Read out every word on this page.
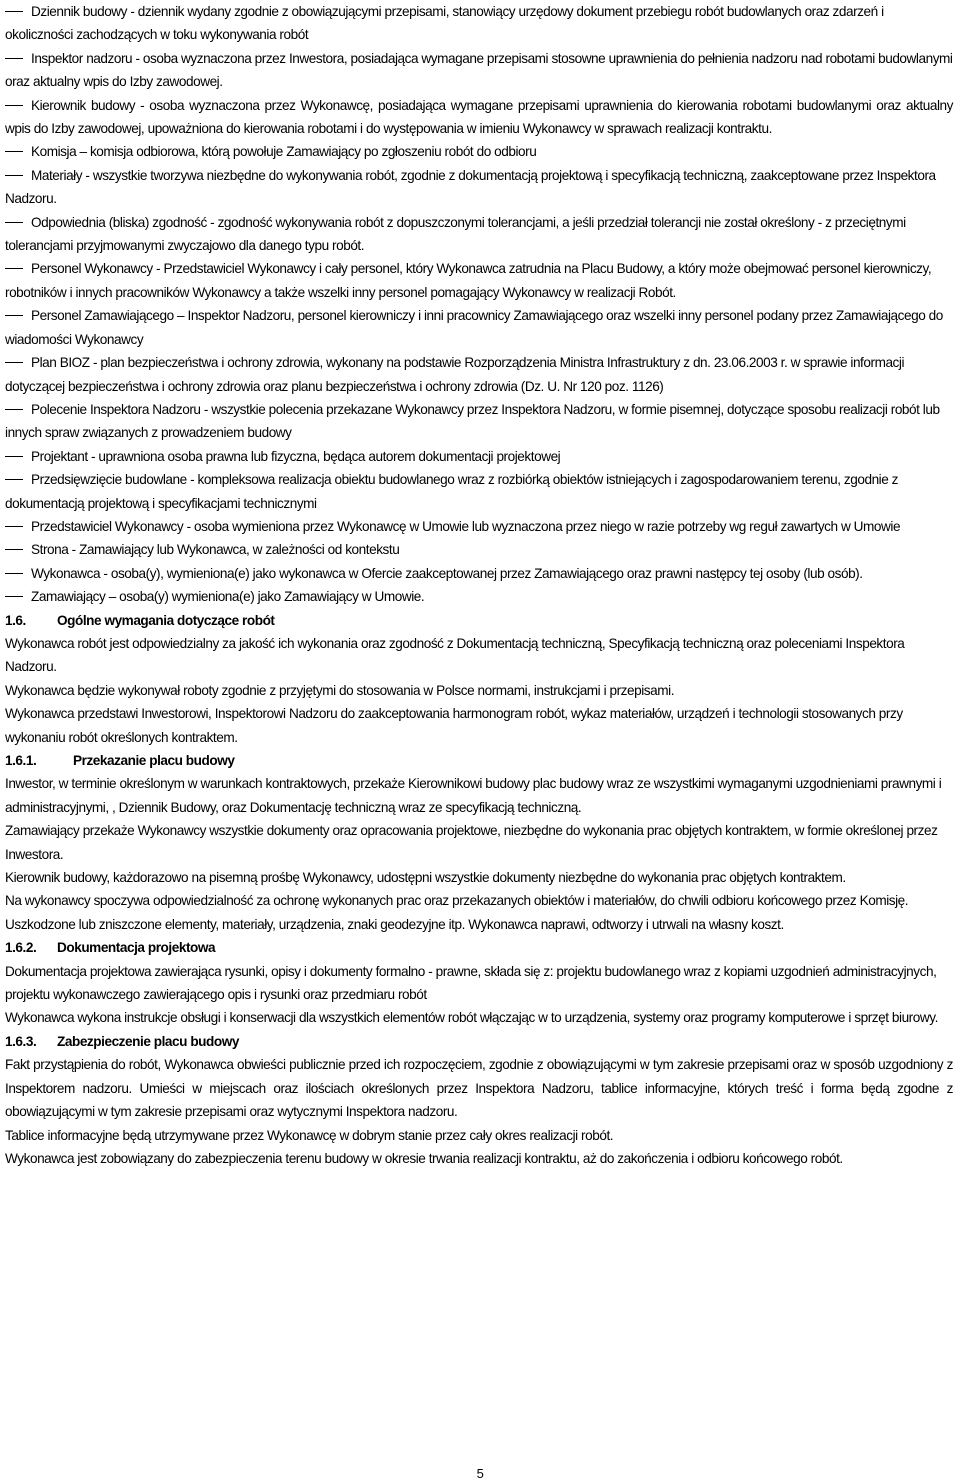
Dziennik budowy - dziennik wydany zgodnie z obowiązującymi przepisami, stanowiący urzędowy dokument przebiegu robót budowlanych oraz zdarzeń i okoliczności zachodzących w toku wykonywania robót

Inspektor nadzoru - osoba wyznaczona przez Inwestora, posiadająca wymagane przepisami stosowne uprawnienia do pełnienia nadzoru nad robotami budowlanymi oraz aktualny wpis do Izby zawodowej.

Kierownik budowy - osoba wyznaczona przez Wykonawcę, posiadająca wymagane przepisami uprawnienia do kierowania robotami budowlanymi oraz aktualny wpis do Izby zawodowej, upoważniona do kierowania robotami i do występowania w imieniu Wykonawcy w sprawach realizacji kontraktu.

Komisja – komisja odbiorowa, którą powołuje Zamawiający po zgłoszeniu robót do odbioru

Materiały - wszystkie tworzywa niezbędne do wykonywania robót, zgodnie z dokumentacją projektową i specyfikacją techniczną, zaakceptowane przez Inspektora Nadzoru.

Odpowiednia (bliska) zgodność - zgodność wykonywania robót z dopuszczonymi tolerancjami, a jeśli przedział tolerancji nie został określony - z przeciętnymi tolerancjami przyjmowanymi zwyczajowo dla danego typu robót.

Personel Wykonawcy - Przedstawiciel Wykonawcy i cały personel, który Wykonawca zatrudnia na Placu Budowy, a który może obejmować personel kierowniczy, robotników i innych pracowników Wykonawcy a także wszelki inny personel pomagający Wykonawcy w realizacji Robót.

Personel Zamawiającego – Inspektor Nadzoru, personel kierowniczy i inni pracownicy Zamawiającego oraz wszelki inny personel podany przez Zamawiającego do wiadomości Wykonawcy

Plan BIOZ - plan bezpieczeństwa i ochrony zdrowia, wykonany na podstawie Rozporządzenia Ministra Infrastruktury z dn. 23.06.2003 r. w sprawie informacji dotyczącej bezpieczeństwa i ochrony zdrowia oraz planu bezpieczeństwa i ochrony zdrowia (Dz. U. Nr 120 poz. 1126)

Polecenie Inspektora Nadzoru - wszystkie polecenia przekazane Wykonawcy przez Inspektora Nadzoru, w formie pisemnej, dotyczące sposobu realizacji robót lub innych spraw związanych z prowadzeniem budowy

Projektant - uprawniona osoba prawna lub fizyczna, będąca autorem dokumentacji projektowej

Przedsięwzięcie budowlane - kompleksowa realizacja obiektu budowlanego wraz z rozbiórką obiektów istniejących i zagospodarowaniem terenu, zgodnie z dokumentacją projektową i specyfikacjami technicznymi

Przedstawiciel Wykonawcy - osoba wymieniona przez Wykonawcę w Umowie lub wyznaczona przez niego w razie potrzeby wg reguł zawartych w Umowie

Strona - Zamawiający lub Wykonawca, w zależności od kontekstu

Wykonawca - osoba(y), wymieniona(e) jako wykonawca w Ofercie zaakceptowanej przez Zamawiającego oraz prawni następcy tej osoby (lub osób).

Zamawiający – osoba(y) wymieniona(e) jako Zamawiający w Umowie.

1.6.	Ogólne wymagania dotyczące robót

Wykonawca robót jest odpowiedzialny za jakość ich wykonania oraz zgodność z Dokumentacją techniczną, Specyfikacją techniczną oraz poleceniami Inspektora Nadzoru.

Wykonawca będzie wykonywał roboty zgodnie z przyjętymi do stosowania w Polsce normami, instrukcjami i przepisami.

Wykonawca przedstawi Inwestorowi, Inspektorowi Nadzoru do zaakceptowania harmonogram robót, wykaz materiałów, urządzeń i technologii stosowanych przy wykonaniu robót określonych kontraktem.

1.6.1.	Przekazanie placu budowy

Inwestor, w terminie określonym w warunkach kontraktowych, przekaże Kierownikowi budowy plac budowy wraz ze wszystkimi wymaganymi uzgodnieniami prawnymi i administracyjnymi, , Dziennik Budowy, oraz Dokumentację techniczną wraz ze specyfikacją techniczną.

Zamawiający przekaże Wykonawcy wszystkie dokumenty oraz opracowania projektowe, niezbędne do wykonania prac objętych kontraktem, w formie określonej przez Inwestora.

Kierownik budowy, każdorazowo na pisemną prośbę Wykonawcy, udostępni wszystkie dokumenty niezbędne do wykonania prac objętych kontraktem.

Na wykonawcy spoczywa odpowiedzialność za ochronę wykonanych prac oraz przekazanych obiektów i materiałów, do chwili odbioru końcowego przez Komisję. Uszkodzone lub zniszczone elementy, materiały, urządzenia, znaki geodezyjne itp. Wykonawca naprawi, odtworzy i utrwali na własny koszt.

1.6.2.	Dokumentacja projektowa

Dokumentacja projektowa zawierająca rysunki, opisy i dokumenty formalno - prawne, składa się z: projektu budowlanego wraz z kopiami uzgodnień administracyjnych, projektu wykonawczego zawierającego opis i rysunki oraz przedmiaru robót

Wykonawca wykona instrukcje obsługi i konserwacji dla wszystkich elementów robót włączając w to urządzenia, systemy oraz programy komputerowe i sprzęt biurowy.

1.6.3.	Zabezpieczenie placu budowy

Fakt przystąpienia do robót, Wykonawca obwieści publicznie przed ich rozpoczęciem, zgodnie z obowiązującymi w tym zakresie przepisami oraz w sposób uzgodniony z Inspektorem nadzoru. Umieści w miejscach oraz ilościach określonych przez Inspektora Nadzoru, tablice informacyjne, których treść i forma będą zgodne z obowiązującymi w tym zakresie przepisami oraz wytycznymi Inspektora nadzoru.

Tablice informacyjne będą utrzymywane przez Wykonawcę w dobrym stanie przez cały okres realizacji robót.

Wykonawca jest zobowiązany do zabezpieczenia terenu budowy w okresie trwania realizacji kontraktu, aż do zakończenia i odbioru końcowego robót.

5
